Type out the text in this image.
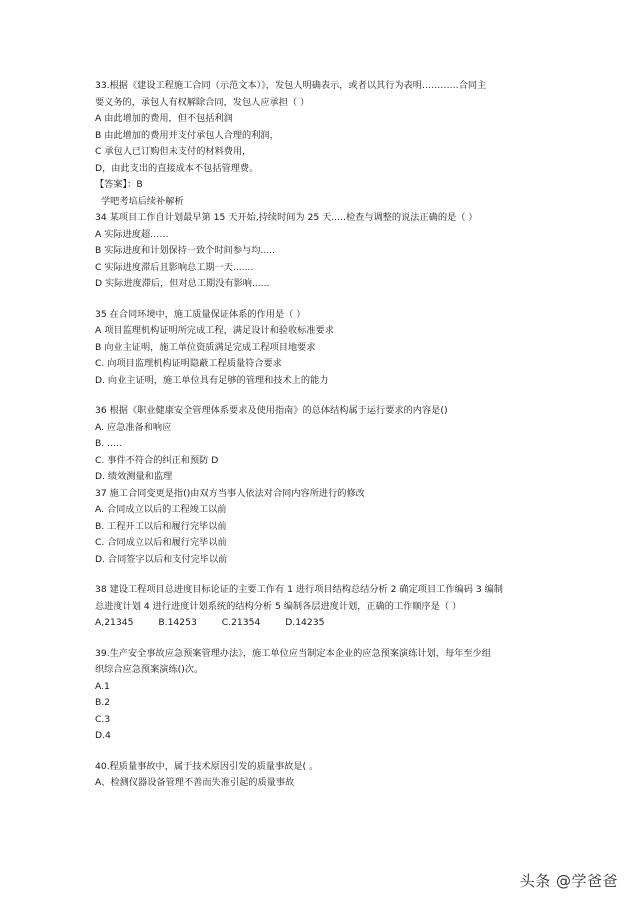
33.根据《建设工程施工合同（示范文本）》，发包人明确表示，或者以其行为表明…………合同主
要义务的，承包人有权解除合同，发包人应承担（ ）
A 由此增加的费用，但不包括利润
B 由此增加的费用并支付承包人合理的利润，
C 承包人已订购但未支付的材料费用，
D，由此支出的直接成本不包括管理费。
【答案】：B
学吧考培后续补解析
34 某项目工作自计划最早第 15 天开始,持续时间为 25 天.....检查与调整的说法正确的是（ ）
A 实际进度超……
B 实际进度和计划保持一致个时间参与均.....
C 实际进度滞后且影响总工期一天.......
D 实际进度滞后，但对总工期没有影响......
35 在合同环境中，施工质量保证体系的作用是（ ）
A 项目监理机构证明所完成工程，满足设计和验收标准要求
B 向业主证明，施工单位资质满足完成工程项目地要求
C. 向项目监理机构证明隐蔽工程质量符合要求
D. 向业主证明，施工单位具有足够的管理和技术上的能力
36 根据《职业健康安全管理体系要求及使用指南》的总体结构属于运行要求的内容是()
A. 应急准备和响应
B. .....
C. 事件不符合的纠正和预防 D
D. 绩效测量和监理
37 施工合同变更是指()由双方当事人依法对合同内容所进行的修改
A. 合同成立以后的工程竣工以前
B. 工程开工以后和履行完毕以前
C. 合同成立以后和履行完毕以前
D. 合同签字以后和支付完毕以前
38 建设工程项目总进度目标论证的主要工作有 1 进行项目结构总结分析 2 确定项目工作编码 3 编制
总进度计划 4 进行进度计划系统的结构分析 5 编制各层进度计划，正确的工作顺序是（ ）
A,21345	B.14253	C.21354	D.14235
39.生产安全事故应急预案管理办法》，施工单位应当制定本企业的应急预案演练计划，每年至少组
织综合应急预案演练()次。
A.1
B.2
C.3
D.4
40.程质量事故中，属于技术原因引发的质量事故是( 。
A、检测仪器设备管理不善而失准引起的质量事故
头条 @学爸爸
